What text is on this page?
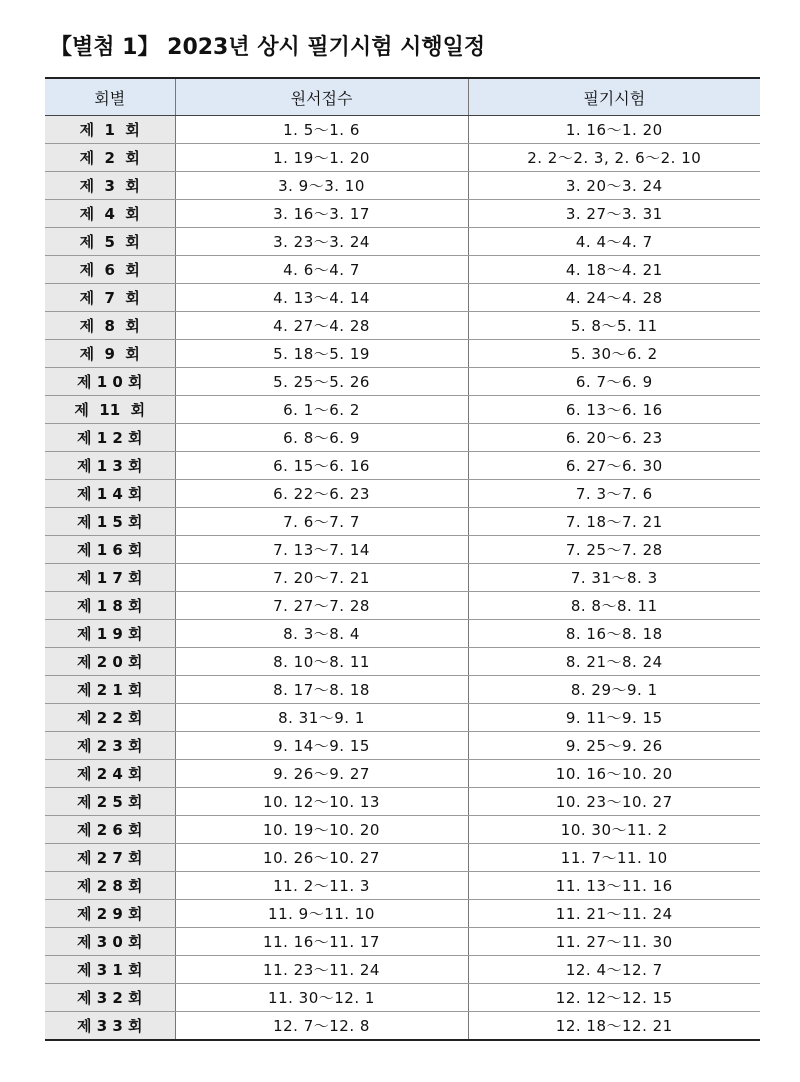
【별첨 1】 2023년 상시 필기시험 시행일정
회별	원서접수	필기시험
제  1  회	1. 5～1. 6	1. 16～1. 20
제  2  회	1. 19～1. 20	2. 2～2. 3, 2. 6～2. 10
제  3  회	3. 9～3. 10	3. 20～3. 24
제  4  회	3. 16～3. 17	3. 27～3. 31
제  5  회	3. 23～3. 24	4. 4～4. 7
제  6  회	4. 6～4. 7	4. 18～4. 21
제  7  회	4. 13～4. 14	4. 24～4. 28
제  8  회	4. 27～4. 28	5. 8～5. 11
제  9  회	5. 18～5. 19	5. 30～6. 2
제 1 0 회	5. 25～5. 26	6. 7～6. 9
제  11  회	6. 1～6. 2	6. 13～6. 16
제 1 2 회	6. 8～6. 9	6. 20～6. 23
제 1 3 회	6. 15～6. 16	6. 27～6. 30
제 1 4 회	6. 22～6. 23	7. 3～7. 6
제 1 5 회	7. 6～7. 7	7. 18～7. 21
제 1 6 회	7. 13～7. 14	7. 25～7. 28
제 1 7 회	7. 20～7. 21	7. 31～8. 3
제 1 8 회	7. 27～7. 28	8. 8～8. 11
제 1 9 회	8. 3～8. 4	8. 16～8. 18
제 2 0 회	8. 10～8. 11	8. 21～8. 24
제 2 1 회	8. 17～8. 18	8. 29～9. 1
제 2 2 회	8. 31～9. 1	9. 11～9. 15
제 2 3 회	9. 14～9. 15	9. 25～9. 26
제 2 4 회	9. 26～9. 27	10. 16～10. 20
제 2 5 회	10. 12～10. 13	10. 23～10. 27
제 2 6 회	10. 19～10. 20	10. 30～11. 2
제 2 7 회	10. 26～10. 27	11. 7～11. 10
제 2 8 회	11. 2～11. 3	11. 13～11. 16
제 2 9 회	11. 9～11. 10	11. 21～11. 24
제 3 0 회	11. 16～11. 17	11. 27～11. 30
제 3 1 회	11. 23～11. 24	12. 4～12. 7
제 3 2 회	11. 30～12. 1	12. 12～12. 15
제 3 3 회	12. 7～12. 8	12. 18～12. 21
